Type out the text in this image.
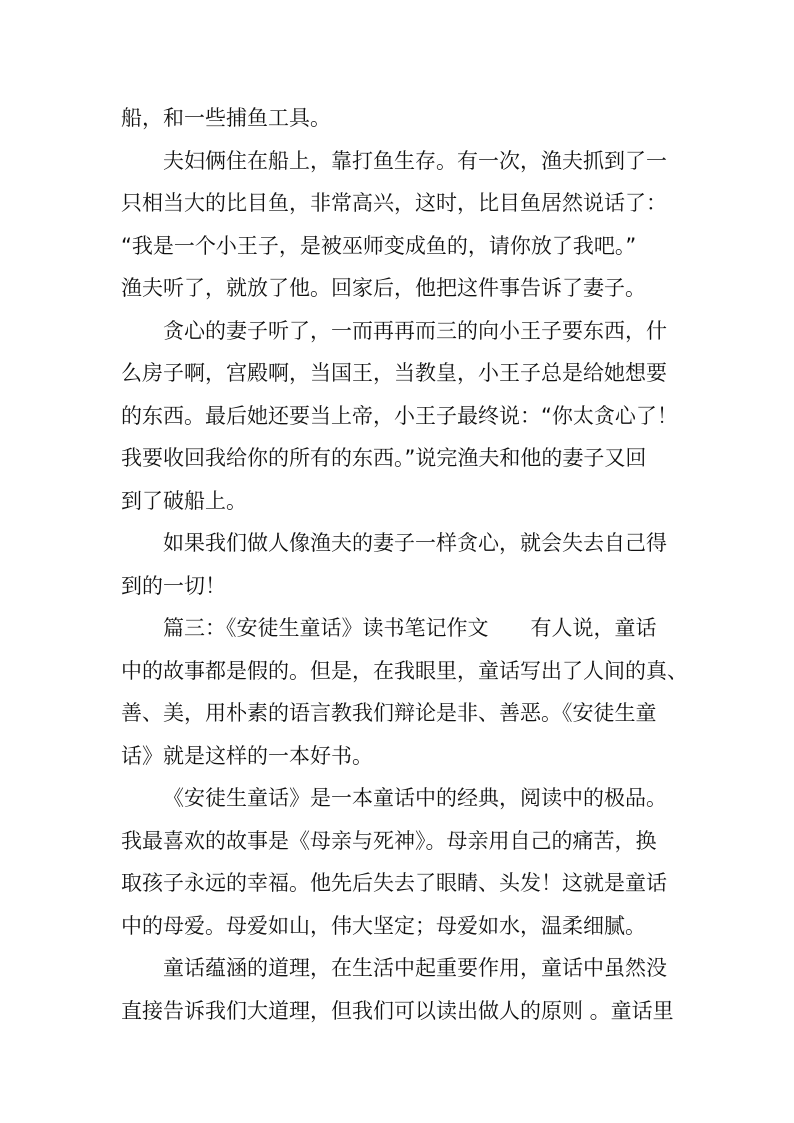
船，和一些捕鱼工具。
夫妇俩住在船上，靠打鱼生存。有一次，渔夫抓到了一
只相当大的比目鱼，非常高兴，这时，比目鱼居然说话了：
“我是一个小王子，是被巫师变成鱼的，请你放了我吧。”
渔夫听了，就放了他。回家后，他把这件事告诉了妻子。
贪心的妻子听了，一而再再而三的向小王子要东西，什
么房子啊，宫殿啊，当国王，当教皇，小王子总是给她想要
的东西。最后她还要当上帝，小王子最终说：“你太贪心了！
我要收回我给你的所有的东西。”说完渔夫和他的妻子又回
到了破船上。
如果我们做人像渔夫的妻子一样贪心，就会失去自己得
到的一切！
篇三：《安徒生童话》读书笔记作文　　有人说，童话
中的故事都是假的。但是，在我眼里，童话写出了人间的真、
善、美，用朴素的语言教我们辩论是非、善恶。《安徒生童
话》就是这样的一本好书。
《安徒生童话》是一本童话中的经典，阅读中的极品。
我最喜欢的故事是《母亲与死神》。母亲用自己的痛苦，换
取孩子永远的幸福。他先后失去了眼睛、头发！这就是童话
中的母爱。母爱如山，伟大坚定；母爱如水，温柔细腻。
童话蕴涵的道理，在生活中起重要作用，童话中虽然没
直接告诉我们大道理，但我们可以读出做人的原则 。童话里
